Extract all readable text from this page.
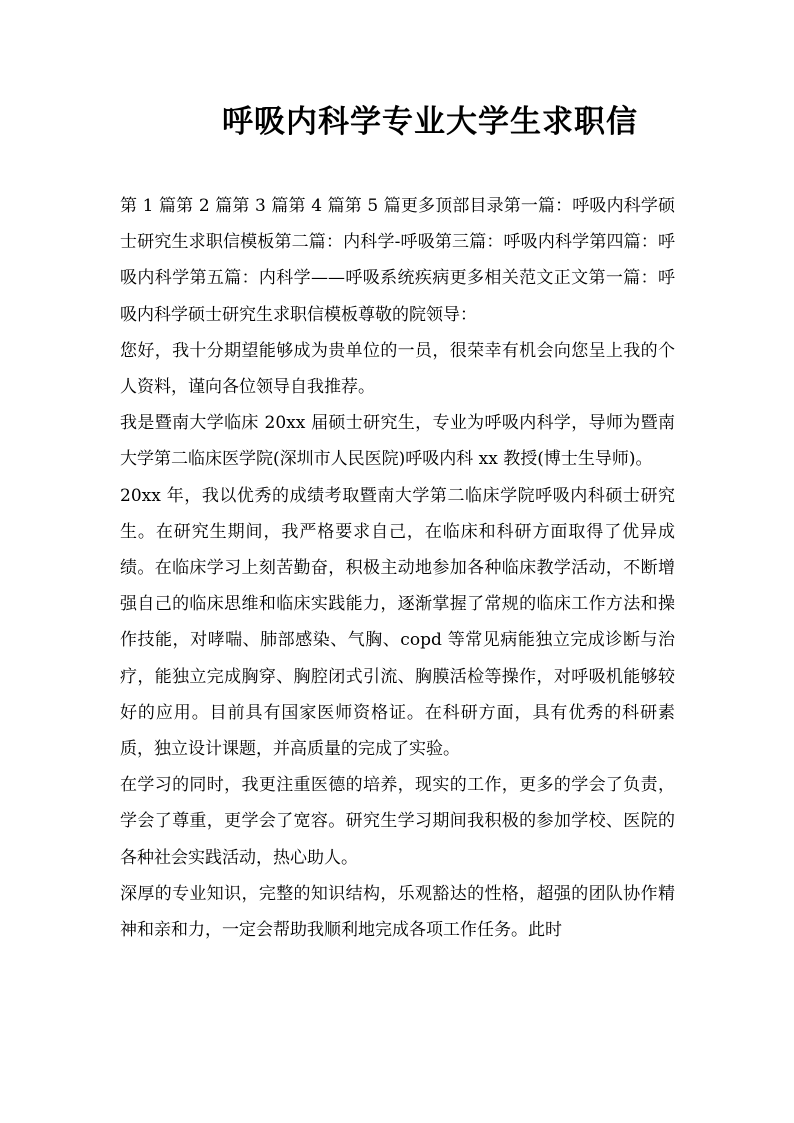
呼吸内科学专业大学生求职信

第 1 篇第 2 篇第 3 篇第 4 篇第 5 篇更多顶部目录第一篇：呼吸内科学硕士研究生求职信模板第二篇：内科学-呼吸第三篇：呼吸内科学第四篇：呼吸内科学第五篇：内科学——呼吸系统疾病更多相关范文正文第一篇：呼吸内科学硕士研究生求职信模板尊敬的院领导：

您好，我十分期望能够成为贵单位的一员，很荣幸有机会向您呈上我的个人资料，谨向各位领导自我推荐。

我是暨南大学临床 20xx 届硕士研究生，专业为呼吸内科学，导师为暨南大学第二临床医学院(深圳市人民医院)呼吸内科 xx 教授(博士生导师)。

20xx 年，我以优秀的成绩考取暨南大学第二临床学院呼吸内科硕士研究生。在研究生期间，我严格要求自己，在临床和科研方面取得了优异成绩。在临床学习上刻苦勤奋，积极主动地参加各种临床教学活动，不断增强自己的临床思维和临床实践能力，逐渐掌握了常规的临床工作方法和操作技能，对哮喘、肺部感染、气胸、copd 等常见病能独立完成诊断与治疗，能独立完成胸穿、胸腔闭式引流、胸膜活检等操作，对呼吸机能够较好的应用。目前具有国家医师资格证。在科研方面，具有优秀的科研素质，独立设计课题，并高质量的完成了实验。

在学习的同时，我更注重医德的培养，现实的工作，更多的学会了负责，学会了尊重，更学会了宽容。研究生学习期间我积极的参加学校、医院的各种社会实践活动，热心助人。

深厚的专业知识，完整的知识结构，乐观豁达的性格，超强的团队协作精神和亲和力，一定会帮助我顺利地完成各项工作任务。此时
